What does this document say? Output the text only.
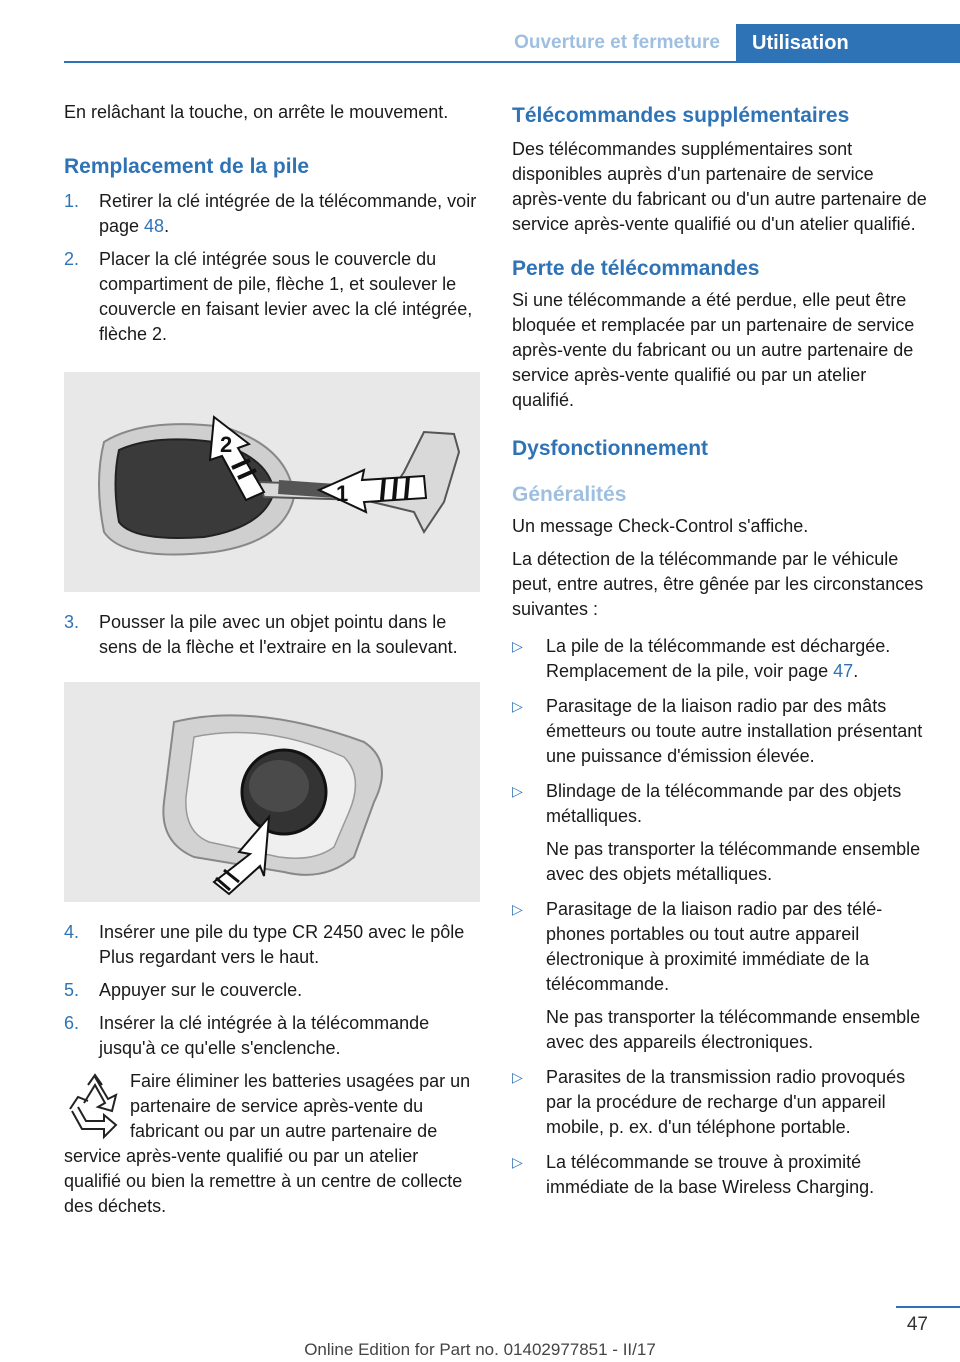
Ouverture et fermeture	Utilisation

En relâchant la touche, on arrête le mouvement.

Remplacement de la pile
1. Retirer la clé intégrée de la télécommande, voir page 48.
2. Placer la clé intégrée sous le couvercle du compartiment de pile, flèche 1, et soulever le couvercle en faisant levier avec la clé intégrée, flèche 2.
1
2
3. Pousser la pile avec un objet pointu dans le sens de la flèche et l'extraire en la soulevant.
4. Insérer une pile du type CR 2450 avec le pôle Plus regardant vers le haut.
5. Appuyer sur le couvercle.
6. Insérer la clé intégrée à la télécommande jusqu'à ce qu'elle s'enclenche.

Faire éliminer les batteries usagées par un partenaire de service après-vente du fabricant ou par un autre partenaire de service après-vente qualifié ou par un atelier qualifié ou bien la remettre à un centre de collecte des déchets.

Télécommandes supplémentaires

Des télécommandes supplémentaires sont disponibles auprès d'un partenaire de service après-vente du fabricant ou d'un autre partenaire de service après-vente qualifié ou d'un atelier qualifié.

Perte de télécommandes

Si une télécommande a été perdue, elle peut être bloquée et remplacée par un partenaire de service après-vente du fabricant ou un autre partenaire de service après-vente qualifié ou par un atelier qualifié.

Dysfonctionnement
Généralités

Un message Check-Control s'affiche.

La détection de la télécommande par le véhicule peut, entre autres, être gênée par les circonstances suivantes :

▷ La pile de la télécommande est déchargée. Remplacement de la pile, voir page 47.
▷ Parasitage de la liaison radio par des mâts émetteurs ou toute autre installation présentant une puissance d'émission élevée.
▷ Blindage de la télécommande par des objets métalliques.
Ne pas transporter la télécommande ensemble avec des objets métalliques.
▷ Parasitage de la liaison radio par des téléphones portables ou tout autre appareil électronique à proximité immédiate de la télécommande.
Ne pas transporter la télécommande ensemble avec des appareils électroniques.
▷ Parasites de la transmission radio provoqués par la procédure de recharge d'un appareil mobile, p. ex. d'un téléphone portable.
▷ La télécommande se trouve à proximité immédiate de la base Wireless Charging.
47
Online Edition for Part no. 01402977851 - II/17
